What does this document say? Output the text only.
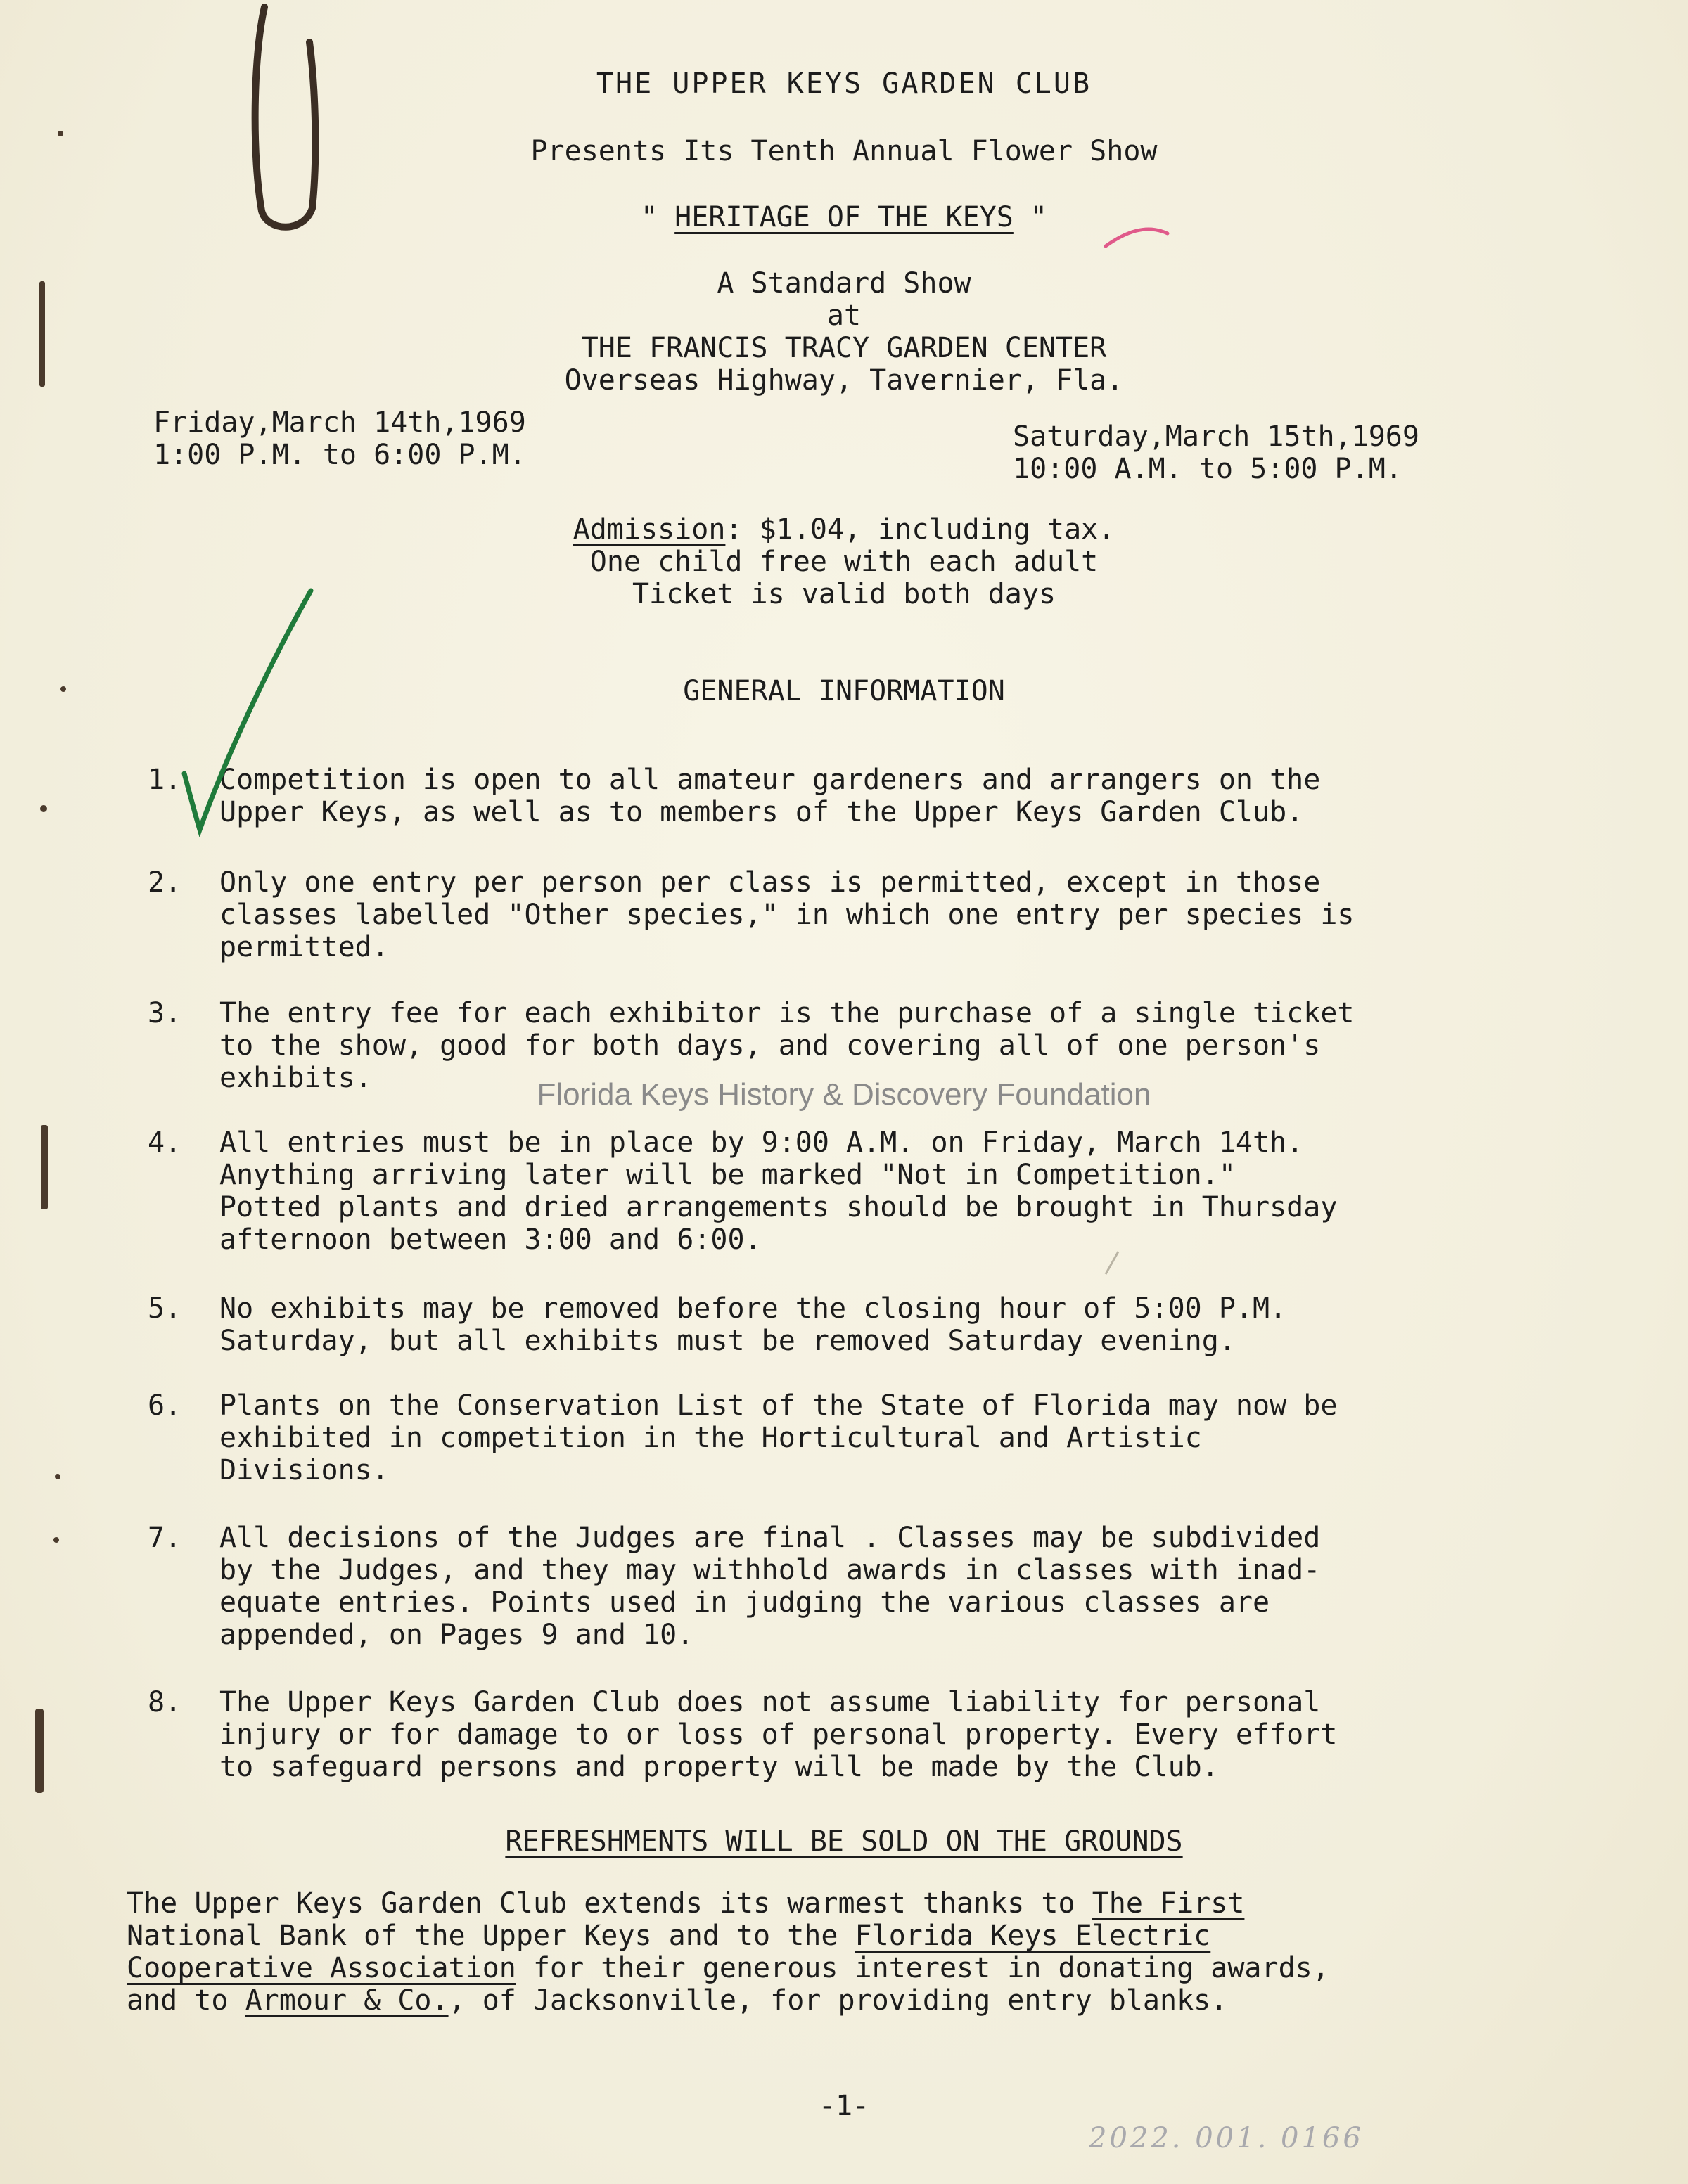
THE UPPER KEYS GARDEN CLUB
Presents Its Tenth Annual Flower Show
" HERITAGE OF THE KEYS "
A Standard Show
at
THE FRANCIS TRACY GARDEN CENTER
Overseas Highway, Tavernier, Fla.
Friday,March 14th,1969
1:00 P.M. to 6:00 P.M.
Saturday,March 15th,1969
10:00 A.M. to 5:00 P.M.
Admission: $1.04, including tax.
One child free with each adult
Ticket is valid both days
GENERAL INFORMATION
1. Competition is open to all amateur gardeners and arrangers on the
Upper Keys, as well as to members of the Upper Keys Garden Club.
2. Only one entry per person per class is permitted, except in those
classes labelled "Other species," in which one entry per species is
permitted.
3. The entry fee for each exhibitor is the purchase of a single ticket
to the show, good for both days, and covering all of one person's
exhibits.
4. All entries must be in place by 9:00 A.M. on Friday, March 14th.
Anything arriving later will be marked "Not in Competition."
Potted plants and dried arrangements should be brought in Thursday
afternoon between 3:00 and 6:00.
5. No exhibits may be removed before the closing hour of 5:00 P.M.
Saturday, but all exhibits must be removed Saturday evening.
6. Plants on the Conservation List of the State of Florida may now be
exhibited in competition in the Horticultural and Artistic
Divisions.
7. All decisions of the Judges are final . Classes may be subdivided
by the Judges, and they may withhold awards in classes with inad-
equate entries. Points used in judging the various classes are
appended, on Pages 9 and 10.
8. The Upper Keys Garden Club does not assume liability for personal
injury or for damage to or loss of personal property. Every effort
to safeguard persons and property will be made by the Club.
REFRESHMENTS WILL BE SOLD ON THE GROUNDS
The Upper Keys Garden Club extends its warmest thanks to The First
National Bank of the Upper Keys and to the Florida Keys Electric
Cooperative Association for their generous interest in donating awards,
and to Armour & Co., of Jacksonville, for providing entry blanks.
-1-
Florida Keys History & Discovery Foundation
2022. 001. 0166
